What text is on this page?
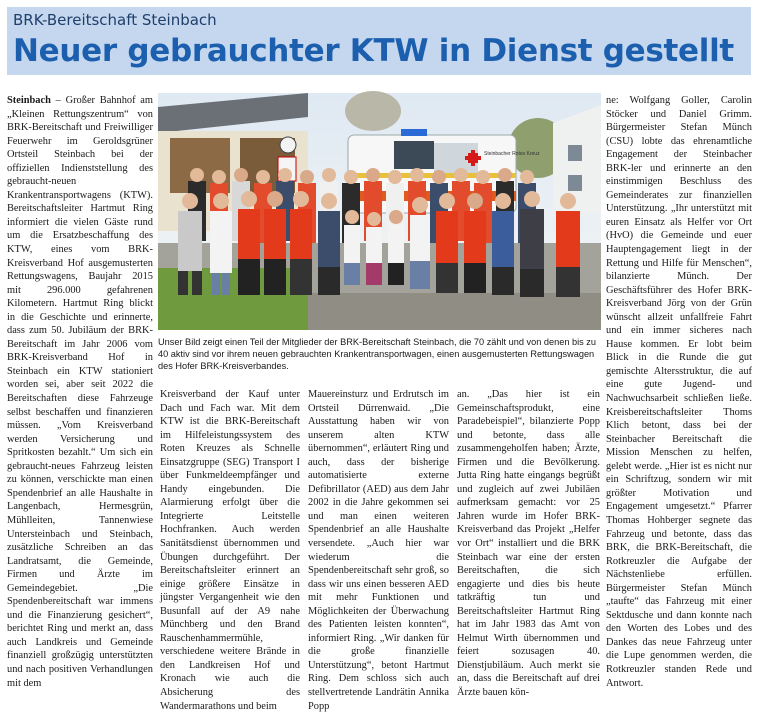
BRK-Bereitschaft Steinbach
Neuer gebrauchter KTW in Dienst gestellt

Steinbach – Großer Bahnhof am „Kleinen Rettungszentrum“ von BRK-Bereitschaft und Freiwilliger Feuerwehr im Geroldsgrüner Ortsteil Steinbach bei der offiziellen Indienststellung des gebraucht-neuen Krankentransportwagens (KTW). Bereitschaftsleiter Hartmut Ring informiert die vielen Gäste rund um die Ersatzbeschaffung des KTW, eines vom BRK-Kreisverband Hof ausgemusterten Rettungswagens, Baujahr 2015 mit 296.000 gefahrenen Kilometern. Hartmut Ring blickt in die Geschichte und erinnerte, dass zum 50. Jubiläum der BRK-Bereitschaft im Jahr 2006 vom BRK-Kreisverband Hof in Steinbach ein KTW stationiert worden sei, aber seit 2022 die Bereitschaften diese Fahrzeuge selbst beschaffen und finanzieren müssen. „Vom Kreisverband werden Versicherung und Spritkosten bezahlt.“ Um sich ein gebraucht-neues Fahrzeug leisten zu können, verschickte man einen Spendenbrief an alle Haushalte in Langenbach, Hermesgrün, Mühlleiten, Tannenwiese Untersteinbach und Steinbach, zusätzliche Schreiben an das Landratsamt, die Gemeinde, Firmen und Ärzte im Gemeindegebiet. „Die Spendenbereitschaft war immens und die Finanzierung gesichert“, berichtet Ring und merkt an, dass auch Landkreis und Gemeinde finanziell großzügig unterstützten und nach positiven Verhandlungen mit dem

Steinbacher Rotes Kreuz
Unser Bild zeigt einen Teil der Mitglieder der BRK-Bereitschaft Steinbach, die 70 zählt und von denen bis zu 40 aktiv sind vor ihrem neuen gebrauchten Krankentransportwagen, einen ausgemusterten Rettungswagen des Hofer BRK-Kreisverbandes.

Kreisverband der Kauf unter Dach und Fach war. Mit dem KTW ist die BRK-Bereitschaft im Hilfeleistungssystem des Roten Kreuzes als Schnelle Einsatzgruppe (SEG) Transport I über Funkmeldeempfänger und Handy eingebunden. Die Alarmierung erfolgt über die Integrierte Leitstelle Hochfranken. Auch werden Sanitätsdienst übernommen und Übungen durchgeführt. Der Bereitschaftsleiter erinnert an einige größere Einsätze in jüngster Vergangenheit wie den Busunfall auf der A9 nahe Münchberg und den Brand Rauschenhammermühle, verschiedene weitere Brände in den Landkreisen Hof und Kronach wie auch die Absicherung des Wandermarathons und beim

Mauereinsturz und Erdrutsch im Ortsteil Dürrenwaid. „Die Ausstattung haben wir von unserem alten KTW übernommen“, erläutert Ring und auch, dass der bisherige automatisierte externe Defibrillator (AED) aus dem Jahr 2002 in die Jahre gekommen sei und man einen weiteren Spendenbrief an alle Haushalte versendete. „Auch hier war wiederum die Spendenbereitschaft sehr groß, so dass wir uns einen besseren AED mit mehr Funktionen und Möglichkeiten der Überwachung des Patienten leisten konnten“, informiert Ring. „Wir danken für die große finanzielle Unterstützung“, betont Hartmut Ring. Dem schloss sich auch stellvertretende Landrätin Annika Popp

an. „Das hier ist ein Gemeinschaftsprodukt, eine Paradebeispiel“, bilanzierte Popp und betonte, dass alle zusammengeholfen haben; Ärzte, Firmen und die Bevölkerung. Jutta Ring hatte eingangs begrüßt und zugleich auf zwei Jubiläen aufmerksam gemacht: vor 25 Jahren wurde im Hofer BRK-Kreisverband das Projekt „Helfer vor Ort“ installiert und die BRK Steinbach war eine der ersten Bereitschaften, die sich engagierte und dies bis heute tatkräftig tun und Bereitschaftsleiter Hartmut Ring hat im Jahr 1983 das Amt von Helmut Wirth übernommen und feiert sozusagen 40. Dienstjubiläum. Auch merkt sie an, dass die Bereitschaft auf drei Ärzte bauen kön-

ne: Wolfgang Goller, Carolin Stöcker und Daniel Grimm. Bürgermeister Stefan Münch (CSU) lobte das ehrenamtliche Engagement der Steinbacher BRK-ler und erinnerte an den einstimmigen Beschluss des Gemeinderates zur finanziellen Unterstützung. „Ihr unterstützt mit euren Einsatz als Helfer vor Ort (HvO) die Gemeinde und euer Hauptengagement liegt in der Rettung und Hilfe für Menschen“, bilanzierte Münch. Der Geschäftsführer des Hofer BRK-Kreisverband Jörg von der Grün wünscht allzeit unfallfreie Fahrt und ein immer sicheres nach Hause kommen. Er lobt beim Blick in die Runde die gut gemischte Altersstruktur, die auf eine gute Jugend- und Nachwuchsarbeit schließen ließe. Kreisbereitschaftsleiter Thoms Klich betont, dass bei der Steinbacher Bereitschaft die Mission Menschen zu helfen, gelebt werde. „Hier ist es nicht nur ein Schriftzug, sondern wir mit größter Motivation und Engagement umgesetzt.“ Pfarrer Thomas Hohberger segnete das Fahrzeug und betonte, dass das BRK, die BRK-Bereitschaft, die Rotkreuzler die Aufgabe der Nächstenliebe erfüllen. Bürgermeister Stefan Münch „taufte“ das Fahrzeug mit einer Sektdusche und dann konnte nach den Worten des Lobes und des Dankes das neue Fahrzeug unter die Lupe genommen werden, die Rotkreuzler standen Rede und Antwort.
